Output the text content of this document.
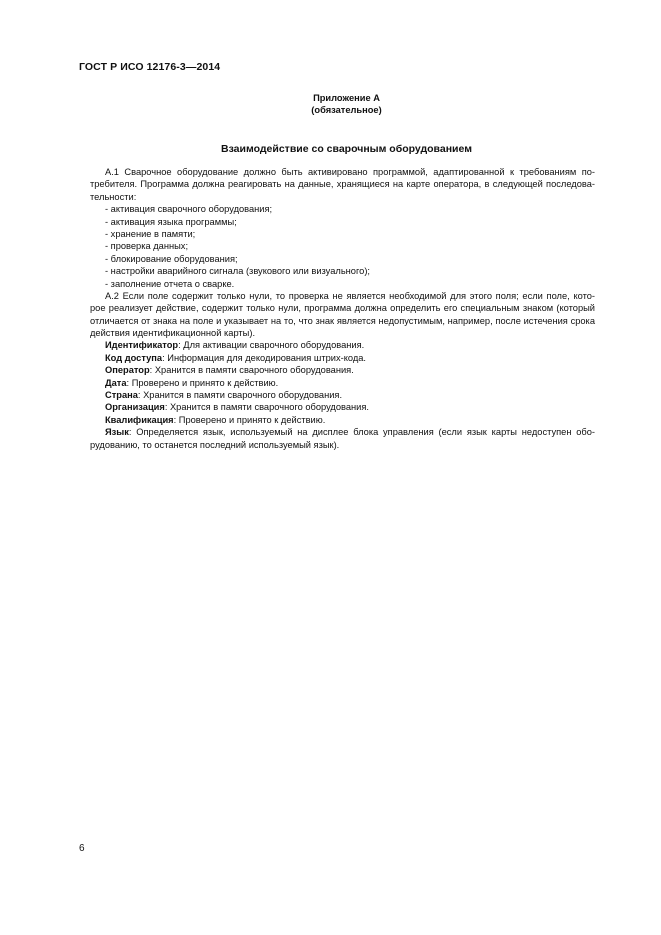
ГОСТ Р ИСО 12176-3—2014
Приложение А
(обязательное)
Взаимодействие со сварочным оборудованием
А.1 Сварочное оборудование должно быть активировано программой, адаптированной к требованиям по-
требителя. Программа должна реагировать на данные, хранящиеся на карте оператора, в следующей последова-
тельности:
- активация сварочного оборудования;
- активация языка программы;
- хранение в памяти;
- проверка данных;
- блокирование оборудования;
- настройки аварийного сигнала (звукового или визуального);
- заполнение отчета о сварке.
А.2 Если поле содержит только нули, то проверка не является необходимой для этого поля; если поле, кото-
рое реализует действие, содержит только нули, программа должна определить его специальным знаком (который
отличается от знака на поле и указывает на то, что знак является недопустимым, например, после истечения срока
действия идентификационной карты).
Идентификатор: Для активации сварочного оборудования.
Код доступа: Информация для декодирования штрих-кода.
Оператор: Хранится в памяти сварочного оборудования.
Дата: Проверено и принято к действию.
Страна: Хранится в памяти сварочного оборудования.
Организация: Хранится в памяти сварочного оборудования.
Квалификация: Проверено и принято к действию.
Язык: Определяется язык, используемый на дисплее блока управления (если язык карты недоступен обо-
рудованию, то останется последний используемый язык).
6
